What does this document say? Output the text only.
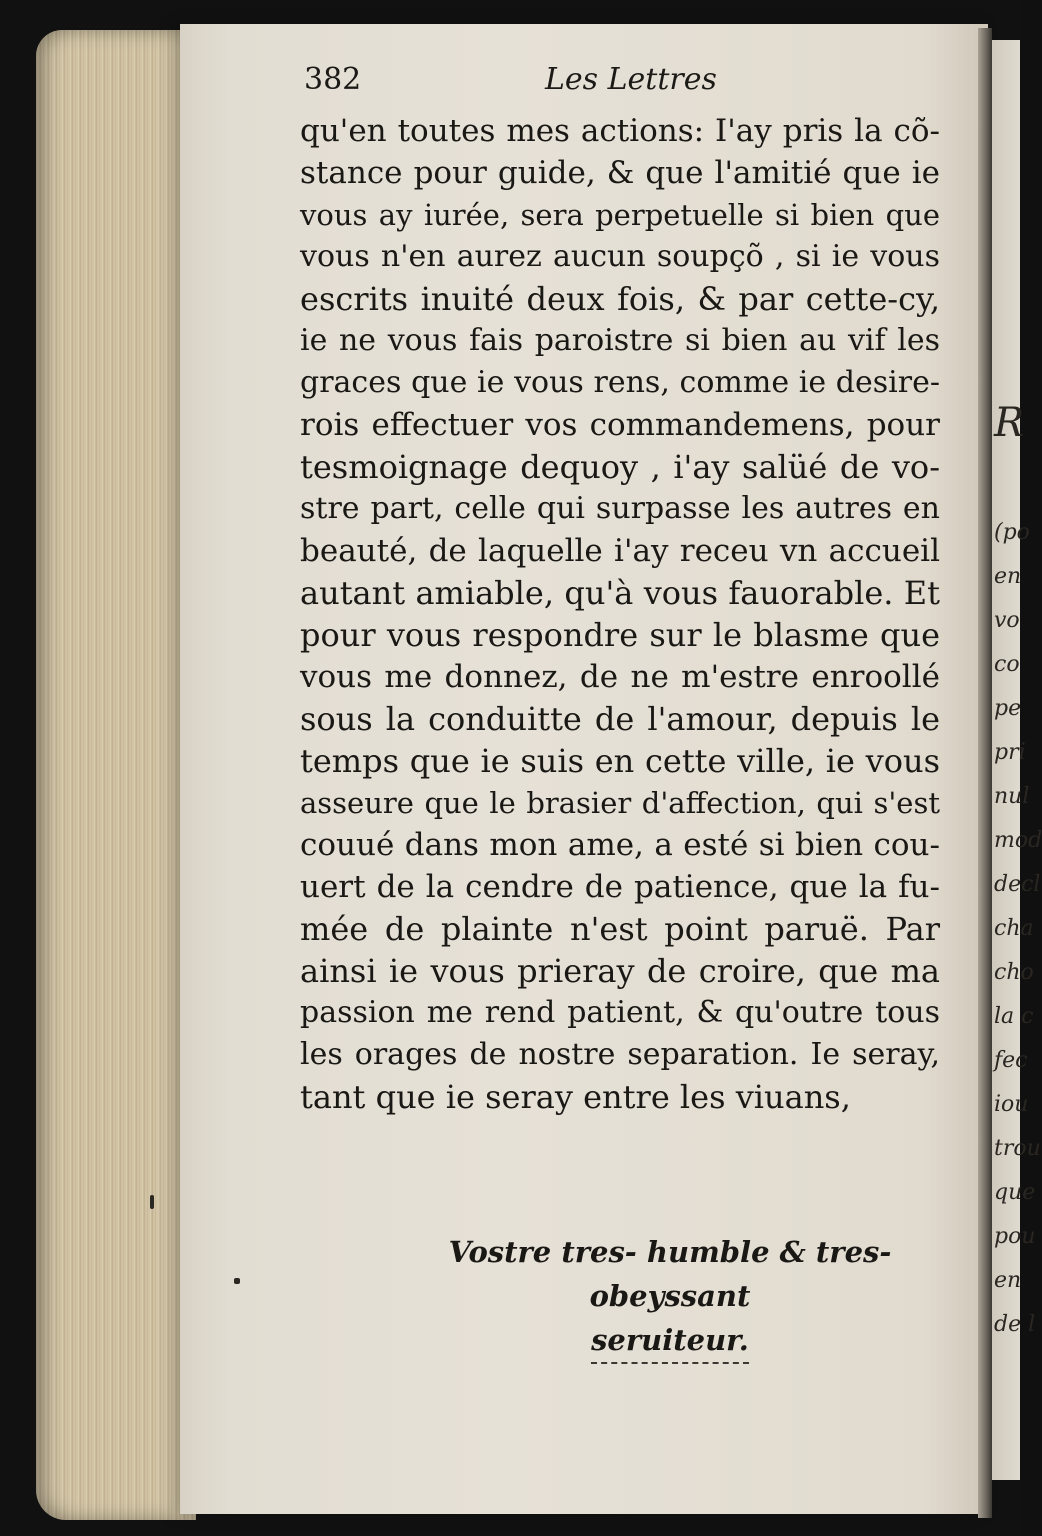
R
(po
en
vo
co
pe
pri
nul
mod
decl
cha
cho
la c
fec
iou
trou
que
pou
en
de l
382	Les Lettres
qu'en toutes mes actions: I'ay pris la cõ-
stance pour guide, & que l'amitié que ie
vous ay iurée, sera perpetuelle si bien que
vous n'en aurez aucun soupçõ , si ie vous
escrits inuité deux fois, & par cette-cy,
ie ne vous fais paroistre si bien au vif les
graces que ie vous rens, comme ie desire-
rois effectuer vos commandemens, pour
tesmoignage dequoy , i'ay salüé de vo-
stre part, celle qui surpasse les autres en
beauté, de laquelle i'ay receu vn accueil
autant amiable, qu'à vous fauorable. Et
pour vous respondre sur le blasme que
vous me donnez, de ne m'estre enroollé
sous la conduitte de l'amour, depuis le
temps que ie suis en cette ville, ie vous
asseure que le brasier d'affection, qui s'est
couué dans mon ame, a esté si bien cou-
uert de la cendre de patience, que la fu-
mée de plainte n'est point paruë. Par
ainsi ie vous prieray de croire, que ma
passion me rend patient, & qu'outre tous
les orages de nostre separation. Ie seray,
tant que ie seray entre les viuans,
Vostre tres- humble & tres- obeyssant
seruiteur.
